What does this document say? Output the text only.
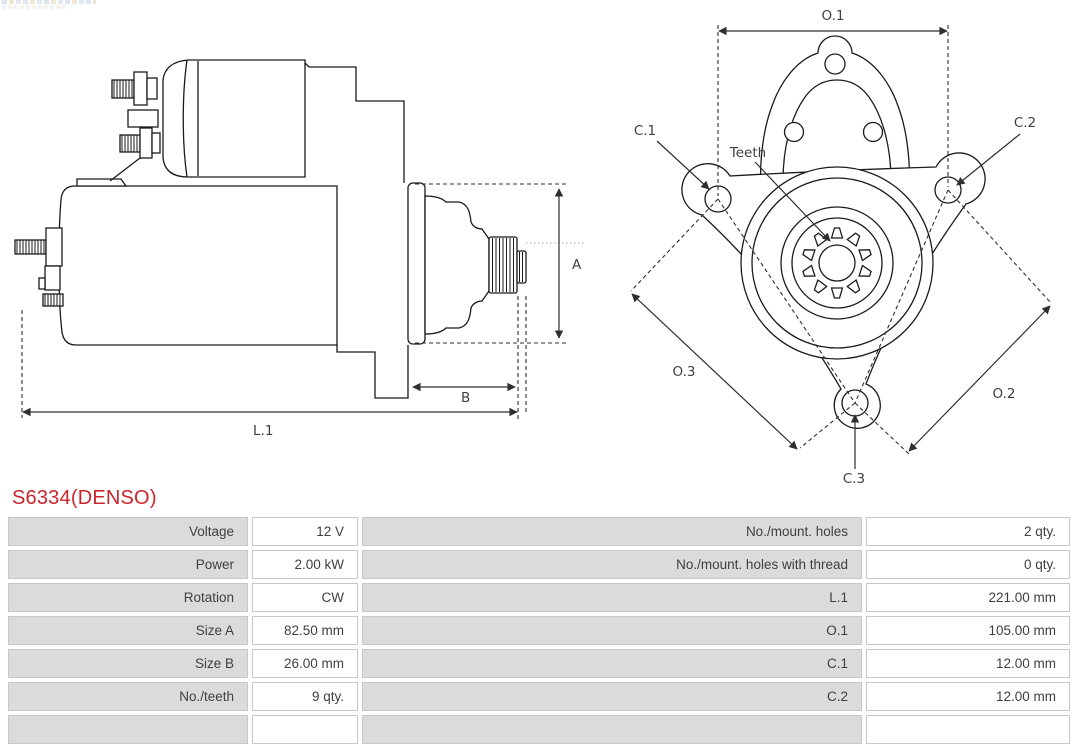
A
B
L.1
O.1
O.3
O.2
C.1	C.2
C.3
Teeth
S6334(DENSO)
Voltage	12 V	No./mount. holes	2 qty.
Power	2.00 kW	No./mount. holes with thread	0 qty.
Rotation	CW	L.1	221.00 mm
Size A	82.50 mm	O.1	105.00 mm
Size B	26.00 mm	C.1	12.00 mm
No./teeth	9 qty.	C.2	12.00 mm
